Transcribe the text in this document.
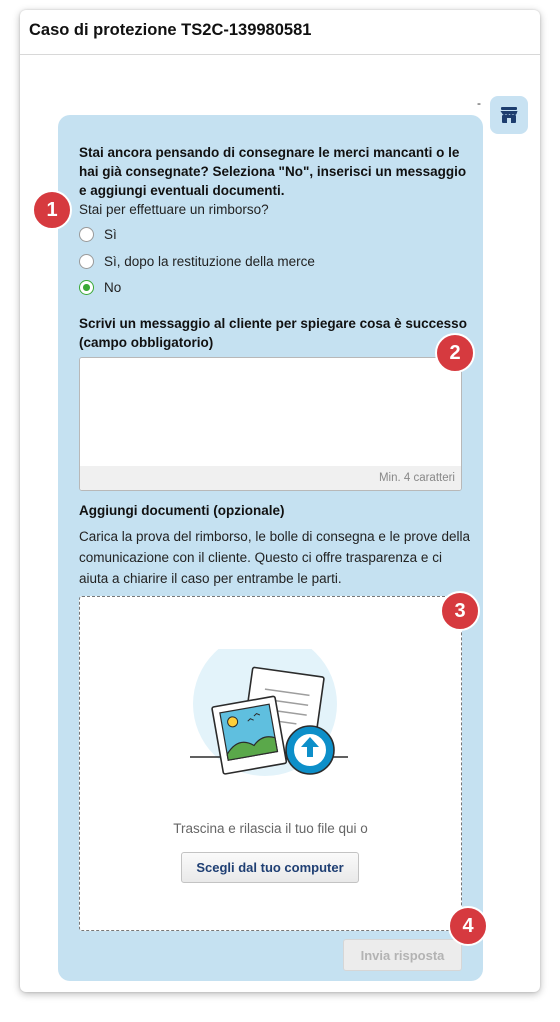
Caso di protezione TS2C-139980581
-
Stai ancora pensando di consegnare le merci mancanti o le hai già consegnate? Seleziona "No", inserisci un messaggio e aggiungi eventuali documenti.
Stai per effettuare un rimborso?
Sì
Sì, dopo la restituzione della merce
No
Scrivi un messaggio al cliente per spiegare cosa è successo (campo obbligatorio)
Min. 4 caratteri
Aggiungi documenti (opzionale)
Carica la prova del rimborso, le bolle di consegna e le prove della comunicazione con il cliente. Questo ci offre trasparenza e ci aiuta a chiarire il caso per entrambe le parti.
Trascina e rilascia il tuo file qui o
Scegli dal tuo computer
Invia risposta
1
2
3
4
